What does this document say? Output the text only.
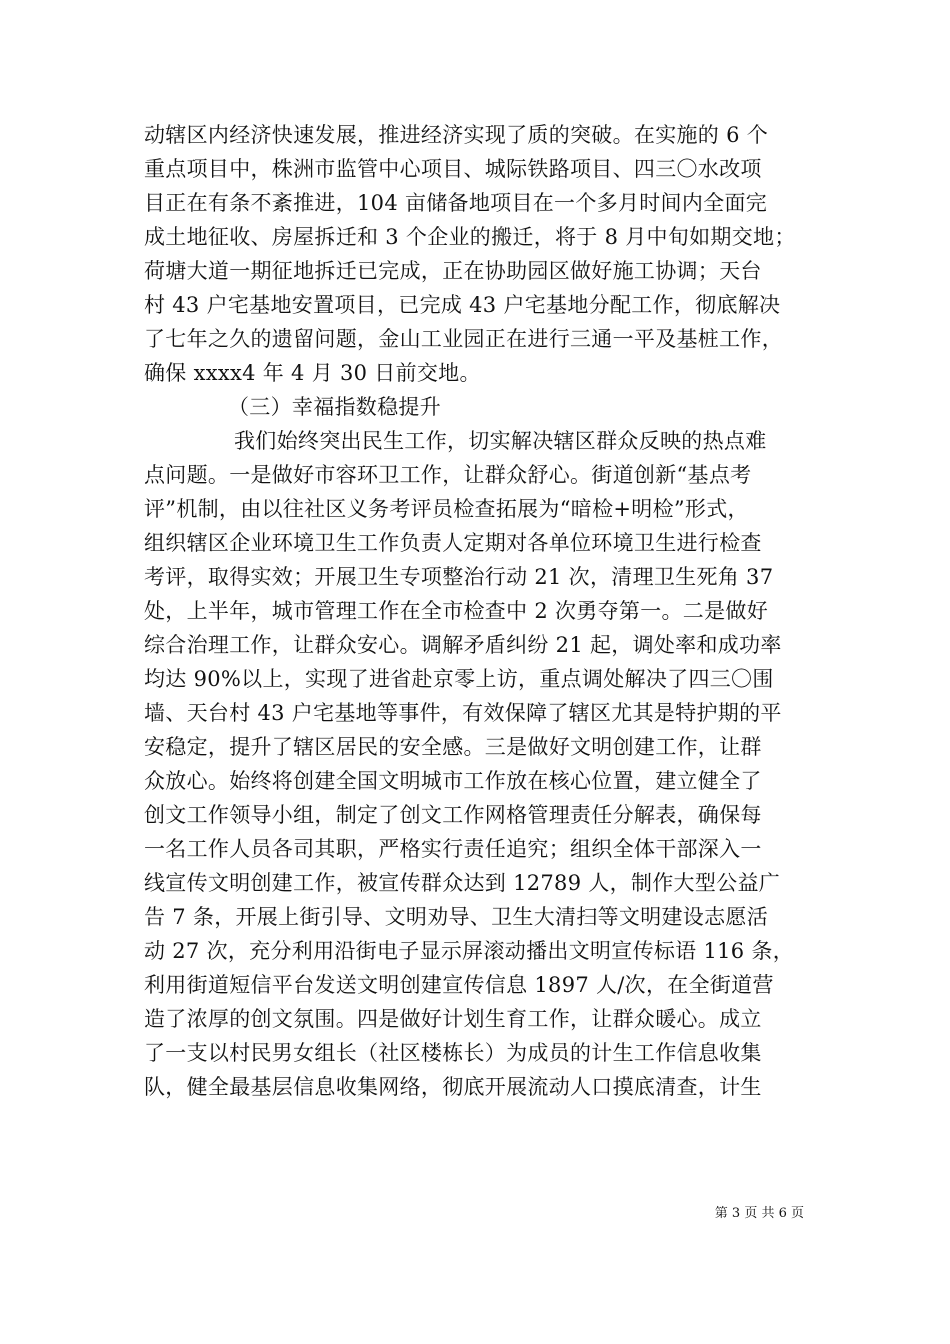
动辖区内经济快速发展，推进经济实现了质的突破。在实施的 6 个
重点项目中，株洲市监管中心项目、城际铁路项目、四三〇水改项
目正在有条不紊推进，104 亩储备地项目在一个多月时间内全面完
成土地征收、房屋拆迁和 3 个企业的搬迁，将于 8 月中旬如期交地；
荷塘大道一期征地拆迁已完成，正在协助园区做好施工协调；天台
村 43 户宅基地安置项目，已完成 43 户宅基地分配工作，彻底解决
了七年之久的遗留问题，金山工业园正在进行三通一平及基桩工作，
确保 xxxx4 年 4 月 30 日前交地。
（三）幸福指数稳提升
我们始终突出民生工作，切实解决辖区群众反映的热点难
点问题。一是做好市容环卫工作，让群众舒心。街道创新“基点考
评”机制，由以往社区义务考评员检查拓展为“暗检+明检”形式，
组织辖区企业环境卫生工作负责人定期对各单位环境卫生进行检查
考评，取得实效；开展卫生专项整治行动 21 次，清理卫生死角 37
处，上半年，城市管理工作在全市检查中 2 次勇夺第一。二是做好
综合治理工作，让群众安心。调解矛盾纠纷 21 起，调处率和成功率
均达 90%以上，实现了进省赴京零上访，重点调处解决了四三〇围
墙、天台村 43 户宅基地等事件，有效保障了辖区尤其是特护期的平
安稳定，提升了辖区居民的安全感。三是做好文明创建工作，让群
众放心。始终将创建全国文明城市工作放在核心位置，建立健全了
创文工作领导小组，制定了创文工作网格管理责任分解表，确保每
一名工作人员各司其职，严格实行责任追究；组织全体干部深入一
线宣传文明创建工作，被宣传群众达到 12789 人，制作大型公益广
告 7 条，开展上街引导、文明劝导、卫生大清扫等文明建设志愿活
动 27 次，充分利用沿街电子显示屏滚动播出文明宣传标语 116 条，
利用街道短信平台发送文明创建宣传信息 1897 人/次，在全街道营
造了浓厚的创文氛围。四是做好计划生育工作，让群众暖心。成立
了一支以村民男女组长（社区楼栋长）为成员的计生工作信息收集
队，健全最基层信息收集网络，彻底开展流动人口摸底清查，计生
第 3 页 共 6 页
